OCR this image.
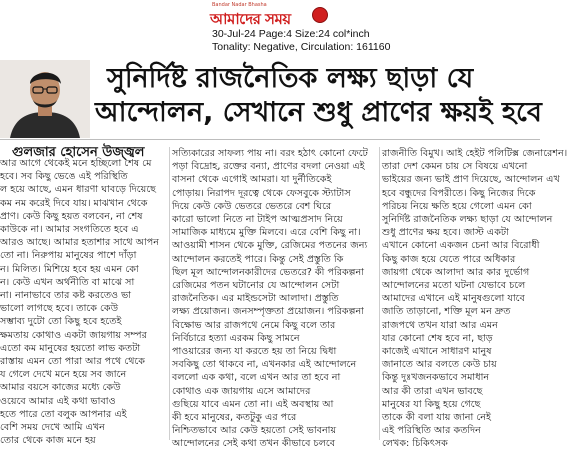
Bandar Nadar Bhasha
আমাদের সময়
30-Jul-24 Page:4 Size:24 col*inch
Tonality: Negative, Circulation: 161160
সুনির্দিষ্ট রাজনৈতিক লক্ষ্য ছাড়া যে
আন্দোলন, সেখানে শুধু প্রাণের ক্ষয়ই হবে
গুলজার হোসেন উজ্জ্বল

আর আগে থেকেই মনে হচ্ছিলো শেষ মে

হবে। সব কিছু ভেঙে এই পরিস্থিতি

ল হয়ে আছে, এমন ধারণা ঘাবড়ে দিয়েছে

কম নম করেই দিবে যায়। মাঝখান থেকে

প্রাণ। কেউ কিছু হয়ত বলবেন, না শেষ

কাউকে না। আমার সংগতিতে হবে এ

আরও আছে। আমার হতাশার সাথে আপন

তো না। নিরুপায় মানুষের পাশে দাঁড়া

ন। মিলিত। মিশিয়ে হবে হয় এমন কো

ন। কেউ এখন অর্থনীতি বা মাঝে সা

না। নানাভাবে তার কষ্ট করতেও ভা

ভালো লাগছে হবে। তাকে কেউ

সম্ভাব্য দুটো তো কিছু হবে হতেই

ক্ষমতায় কোথাও একটা জায়গায় সম্পর

এতো কম মানুষের হয়তো লাভ কতটা

রাস্তায় এমন তো পারা আর পথে থেকে

য গেলে দেখে মনে হয়ে সব জানে

আমার বয়সে কাজের মধ্যে কেউ

ওয়েবে আমার এই কথা ভাবাও

হতে পারে তো বলুক আপনার এই

বেশি সময় দেখে আমি এখন

তোর থেকে কাজ মনে হয়

সত্যিকারের সাফল্য পায় না। বরং হঠাৎ কোনো ফেটে

পড়া বিদ্রোহ, রক্তের বন্যা, প্রাণের বদলা নেওয়া এই

বাসনা থেকে এগোই আমরা। যা দুর্নীতিকেই

পোড়ায়। নিরাপদ দূরত্বে থেকে ফেসবুকে স্ট্যাটাস

দিয়ে কেউ কেউ ভেতরে ভেতরে বেশ ঘিরে

কারো ভালো নিতে না টাইপ আত্মপ্রসাদ নিয়ে

সামাজিক মাধ্যমে মুক্তি মিলবে। এরে বেশি কিছু না।

আওয়ামী শাসন থেকে মুক্তি, রেজিমের পতনের জন্য

আন্দোলন করতেই পারে। কিন্তু সেই প্রস্তুতি কি

ছিল মূল আন্দোলনকারীদের ভেতরে? কী পরিকল্পনা

রেজিমের পতন ঘটানোর যে আন্দোলন সেটা

রাজনৈতিক। এর মাইন্ডসেটা আলাদা। প্রস্তুতি

লক্ষ্য প্রয়োজন। জনসম্পৃক্ততা প্রয়োজন। পরিকল্পনা

বিক্ষোভ আর রাজপথে নেমে কিছু বলে তার

নির্বিচারে হত্যা এরকম কিছু সামনে

পাওয়ারের জন্য যা করতে হয় তা নিয়ে দ্বিধা

সবকিছু তো থাকবে না, এখনকার এই আন্দোলনে

বললো এক কথা, বলে এখন আর তা হবে না

কোথাও এক জায়গায় এসে আমাদের

গুছিয়ে যাবে এমন তো না। এই অবস্থায় আ

কী হবে মানুষের, কতটুকু এর পরে

নিশ্চিতভাবে আর কেউ হয়তো সেই ভাবনায়

আন্দোলনের সেই কথা তখন কীভাবে চলবে

রাজনীতি বিমুখ। আই হেইট পলিটিক্স জেনারেশন।

তারা দেশ কেমন চায় সে বিষয়ে এখনো

ভাইয়ের জন্য ভাই প্রাণ দিয়েছে, আন্দোলন এখ

হবে বন্ধুদের বিপরীতে। কিছু নিজের দিকে

পরিচয় নিয়ে ক্ষতি হয়ে গেলো এমন কো

সুনির্দিষ্ট রাজনৈতিক লক্ষ্য ছাড়া যে আন্দোলন

শুধু প্রাণের ক্ষয় হবে। জাস্ট একটা

এখানে কোনো একজন চেনা আর বিরোধী

কিছু কাজ হয়ে যেতে পারে অধিকার

জায়গা থেকে আলাদা আর কার দুর্ভোগ

আন্দোলনের মতো ঘটনা যেভাবে চলে

আমাদের এখানে এই মানুষগুলো যাবে

জাতি তাড়ানো, শক্তি মূল মন দ্রুত

রাজপথে তখন যারা আর এমন

যার কোনো শেষ হবে না, ছাড়

কাজেই এখানে সাধারণ মানুষ

জানাতে আর বলতে কেউ চায়

কিন্তু দুঃখজনকভাবে সমাধান

আর কী তারা এখন ভাবছে

মানুষের যা কিছু হয়ে গেছে

তাকে কী বলা যায় জানা নেই

এই পরিস্থিতি আর কতদিন

লেখক: চিকিৎসক
